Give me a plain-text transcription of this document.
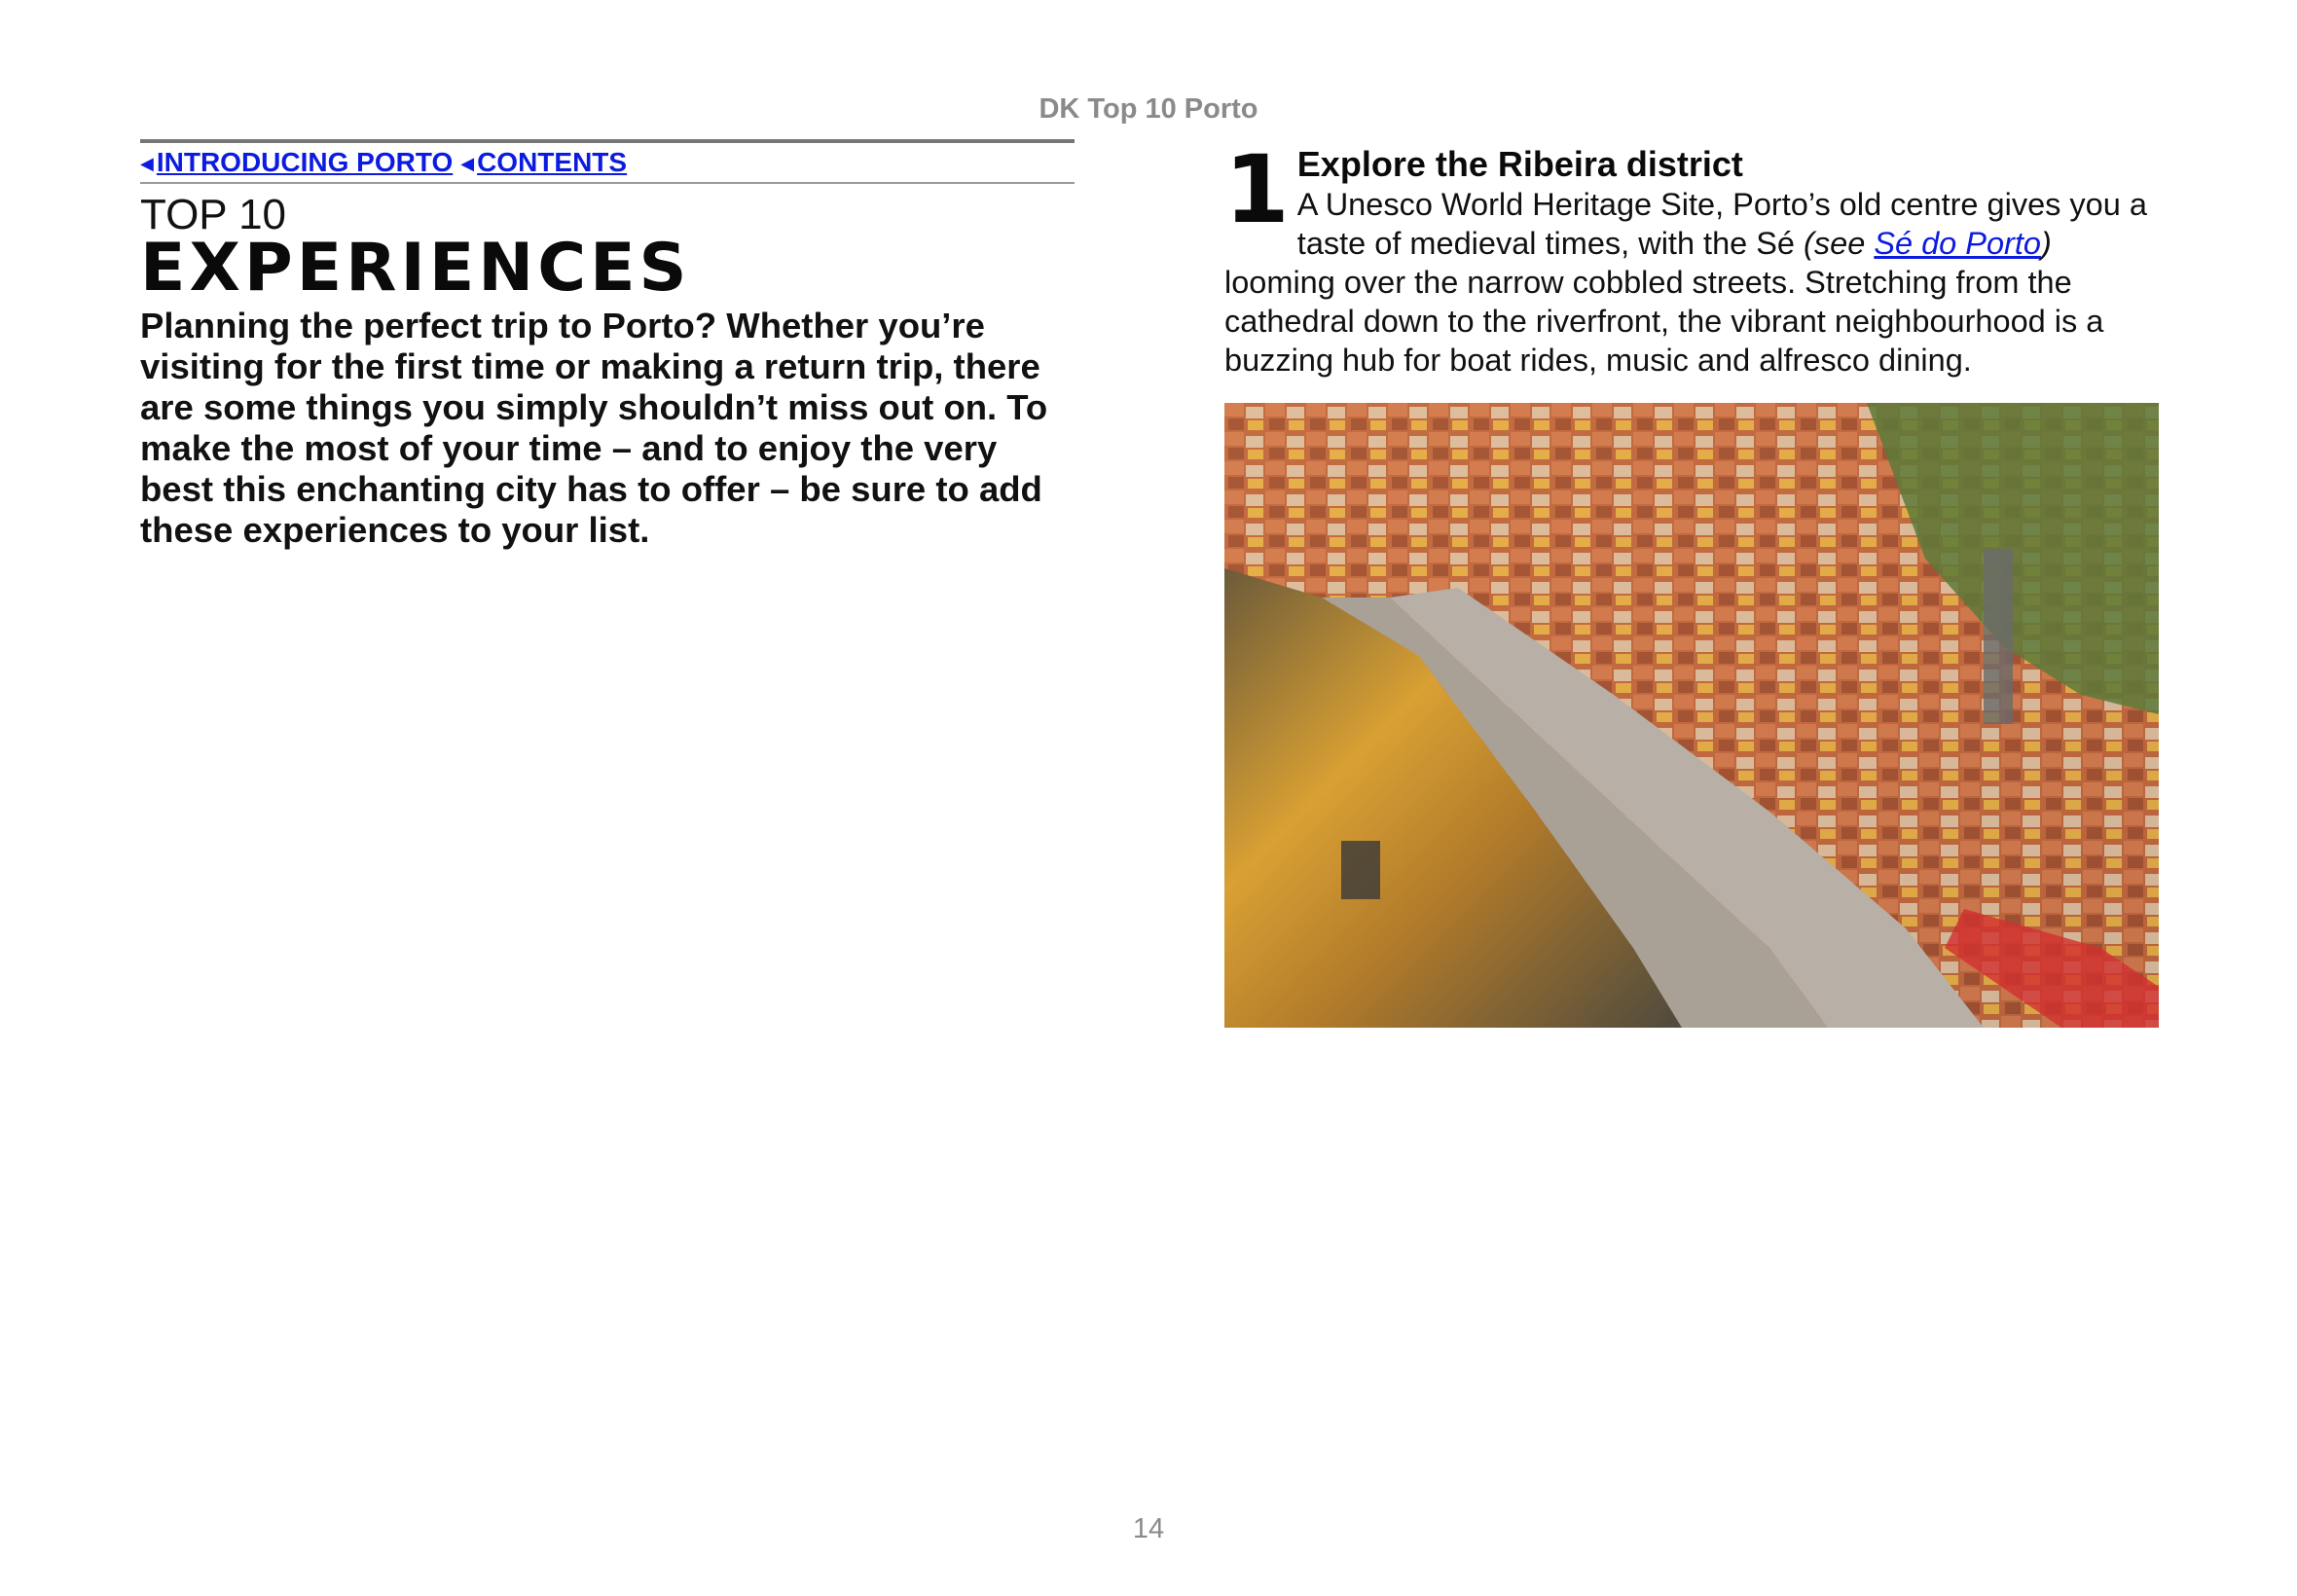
DK Top 10 Porto
◀ INTRODUCING PORTO ◀ CONTENTS
TOP 10
EXPERIENCES
Planning the perfect trip to Porto? Whether you’re visiting for the first time or making a return trip, there are some things you simply shouldn’t miss out on. To make the most of your time – and to enjoy the very best this enchanting city has to offer – be sure to add these experiences to your list.
1 Explore the Ribeira district
A Unesco World Heritage Site, Porto’s old centre gives you a taste of medieval times, with the Sé (see Sé do Porto) looming over the narrow cobbled streets. Stretching from the cathedral down to the riverfront, the vibrant neighbourhood is a buzzing hub for boat rides, music and alfresco dining.
14
